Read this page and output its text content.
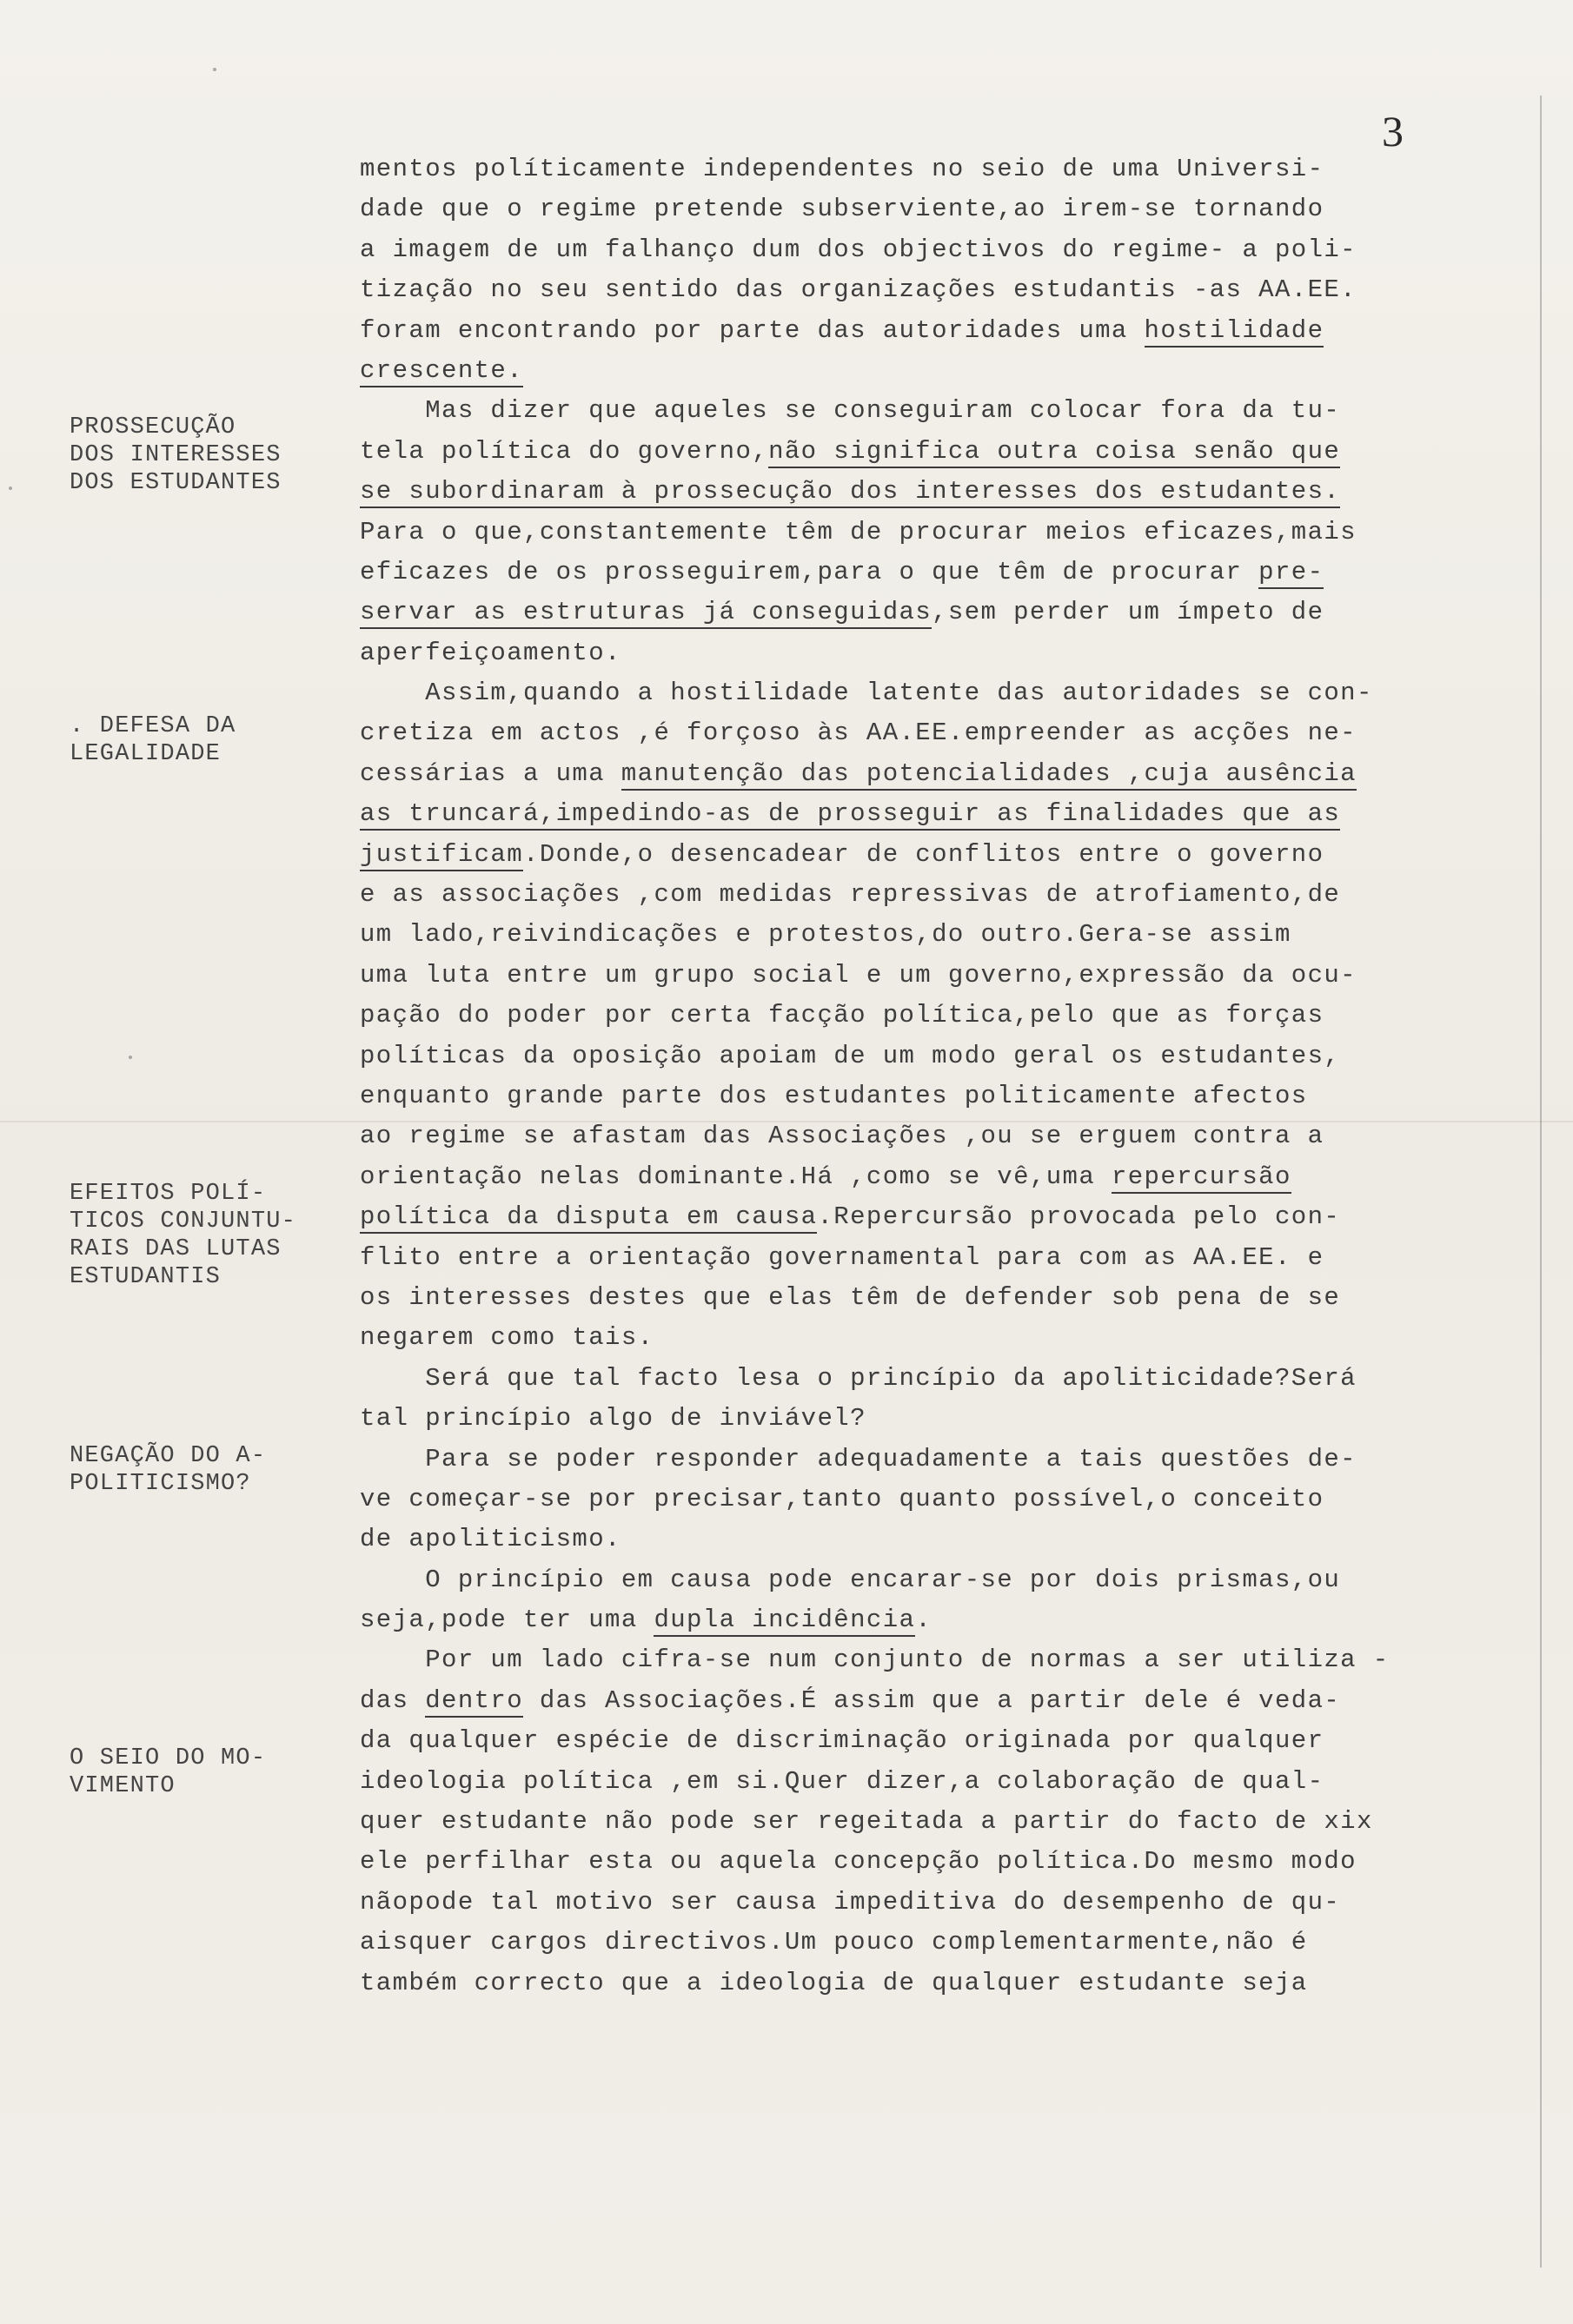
3
PROSSECUÇÃO
DOS INTERESSES
DOS ESTUDANTES
. DEFESA DA
LEGALIDADE
EFEITOS POLÍ-
TICOS CONJUNTU-
RAIS DAS LUTAS
ESTUDANTIS
NEGAÇÃO DO A-
POLITICISMO?
O SEIO DO MO-
VIMENTO
mentos políticamente independentes no seio de uma Universi-
dade que o regime pretende subserviente,ao irem-se tornando
a imagem de um falhanço dum dos objectivos do regime- a poli-
tização no seu sentido das organizações estudantis -as AA.EE.
foram encontrando por parte das autoridades uma hostilidade
crescente.
Mas dizer que aqueles se conseguiram colocar fora da tu-
tela política do governo,não significa outra coisa senão que
se subordinaram à prossecução dos interesses dos estudantes.
Para o que,constantemente têm de procurar meios eficazes,mais
eficazes de os prosseguirem,para o que têm de procurar pre-
servar as estruturas já conseguidas,sem perder um ímpeto de
aperfeiçoamento.
Assim,quando a hostilidade latente das autoridades se con-
cretiza em actos ,é forçoso às AA.EE.empreender as acções ne-
cessárias a uma manutenção das potencialidades ,cuja ausência
as truncará,impedindo-as de prosseguir as finalidades que as
justificam.Donde,o desencadear de conflitos entre o governo
e as associações ,com medidas repressivas de atrofiamento,de
um lado,reivindicações e protestos,do outro.Gera-se assim
uma luta entre um grupo social e um governo,expressão da ocu-
pação do poder por certa facção política,pelo que as forças
políticas da oposição apoiam de um modo geral os estudantes,
enquanto grande parte dos estudantes politicamente afectos
ao regime se afastam das Associações ,ou se erguem contra a
orientação nelas dominante.Há ,como se vê,uma repercursão
política da disputa em causa.Repercursão provocada pelo con-
flito entre a orientação governamental para com as AA.EE. e
os interesses destes que elas têm de defender sob pena de se
negarem como tais.
Será que tal facto lesa o princípio da apoliticidade?Será
tal princípio algo de inviável?
Para se poder responder adequadamente a tais questões de-
ve começar-se por precisar,tanto quanto possível,o conceito
de apoliticismo.
O princípio em causa pode encarar-se por dois prismas,ou
seja,pode ter uma dupla incidência.
Por um lado cifra-se num conjunto de normas a ser utiliza -
das dentro das Associações.É assim que a partir dele é veda-
da qualquer espécie de discriminação originada por qualquer
ideologia política ,em si.Quer dizer,a colaboração de qual-
quer estudante não pode ser regeitada a partir do facto de xix
ele perfilhar esta ou aquela concepção política.Do mesmo modo
nãopode tal motivo ser causa impeditiva do desempenho de qu-
aisquer cargos directivos.Um pouco complementarmente,não é
também correcto que a ideologia de qualquer estudante seja
